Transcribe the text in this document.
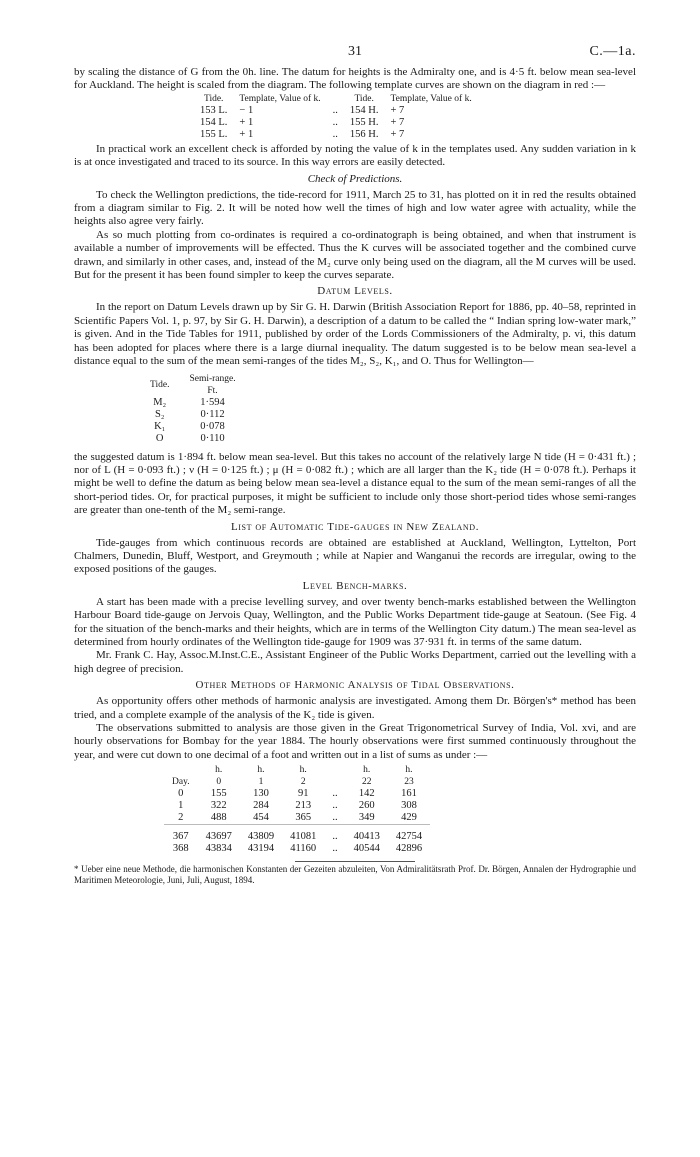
31	C.—1a.

by scaling the distance of G from the 0h. line. The datum for heights is the Admiralty one, and is 4·5 ft. below mean sea-level for Auckland. The height is scaled from the diagram. The following template curves are shown on the diagram in red :—

Tide.	Template, Value of k.		Tide.	Template, Value of k.
153 L.	− 1	..	154 H.	+ 7
154 L.	+ 1	..	155 H.	+ 7
155 L.	+ 1	..	156 H.	+ 7

In practical work an excellent check is afforded by noting the value of k in the templates used. Any sudden variation in k is at once investigated and traced to its source. In this way errors are easily detected.

Check of Predictions.

To check the Wellington predictions, the tide-record for 1911, March 25 to 31, has plotted on it in red the results obtained from a diagram similar to Fig. 2. It will be noted how well the times of high and low water agree with actuality, while the heights also agree very fairly.

As so much plotting from co-ordinates is required a co-ordinatograph is being obtained, and when that instrument is available a number of improvements will be effected. Thus the K curves will be associated together and the combined curve drawn, and similarly in other cases, and, instead of the M₂ curve only being used on the diagram, all the M curves will be used. But for the present it has been found simpler to keep the curves separate.

Datum Levels.

In the report on Datum Levels drawn up by Sir G. H. Darwin (British Association Report for 1886, pp. 40–58, reprinted in Scientific Papers Vol. 1, p. 97, by Sir G. H. Darwin), a description of a datum to be called the “ Indian spring low-water mark,” is given. And in the Tide Tables for 1911, published by order of the Lords Commissioners of the Admiralty, p. vi, this datum has been adopted for places where there is a large diurnal inequality. The datum suggested is to be below mean sea-level a distance equal to the sum of the mean semi-ranges of the tides M₂, S₂, K₁, and O. Thus for Wellington—

Tide.	Semi-range.
Ft.

M₂	1·594
S₂	0·112
K₁	0·078
O	0·110

the suggested datum is 1·894 ft. below mean sea-level. But this takes no account of the relatively large N tide (H = 0·431 ft.) ; nor of L (H = 0·093 ft.) ; ν (H = 0·125 ft.) ; μ (H = 0·082 ft.) ; which are all larger than the K₂ tide (H = 0·078 ft.). Perhaps it might be well to define the datum as being below mean sea-level a distance equal to the sum of the mean semi-ranges of all the short-period tides. Or, for practical purposes, it might be sufficient to include only those short-period tides whose semi-ranges are greater than one-tenth of the M₂ semi-range.

List of Automatic Tide-gauges in New Zealand.

Tide-gauges from which continuous records are obtained are established at Auckland, Wellington, Lyttelton, Port Chalmers, Dunedin, Bluff, Westport, and Greymouth ; while at Napier and Wanganui the records are irregular, owing to the exposed positions of the gauges.

Level Bench-marks.

A start has been made with a precise levelling survey, and over twenty bench-marks established between the Wellington Harbour Board tide-gauge on Jervois Quay, Wellington, and the Public Works Department tide-gauge at Seatoun. (See Fig. 4 for the situation of the bench-marks and their heights, which are in terms of the Wellington City datum.) The mean sea-level as determined from hourly ordinates of the Wellington tide-gauge for 1909 was 37·931 ft. in terms of the same datum.

Mr. Frank C. Hay, Assoc.M.Inst.C.E., Assistant Engineer of the Public Works Department, carried out the levelling with a high degree of precision.

Other Methods of Harmonic Analysis of Tidal Observations.

As opportunity offers other methods of harmonic analysis are investigated. Among them Dr. Börgen's* method has been tried, and a complete example of the analysis of the K₂ tide is given.

The observations submitted to analysis are those given in the Great Trigonometrical Survey of India, Vol. xvi, and are hourly observations for Bombay for the year 1884. The hourly observations were first summed continuously throughout the year, and were cut down to one decimal of a foot and written out in a list of sums as under :—

	h.	h.	h.		h.	h.
Day.	0	1	2		22	23
0	155	130	91	..	142	161
1	322	284	213	..	260	308
2	488	454	365	..	349	429
367	43697	43809	41081	..	40413	42754
368	43834	43194	41160	..	40544	42896

* Ueber eine neue Methode, die harmonischen Konstanten der Gezeiten abzuleiten, Von Admiralitätsrath Prof. Dr. Börgen, Annalen der Hydrographie und Maritimen Meteorologie, Juni, Juli, August, 1894.
